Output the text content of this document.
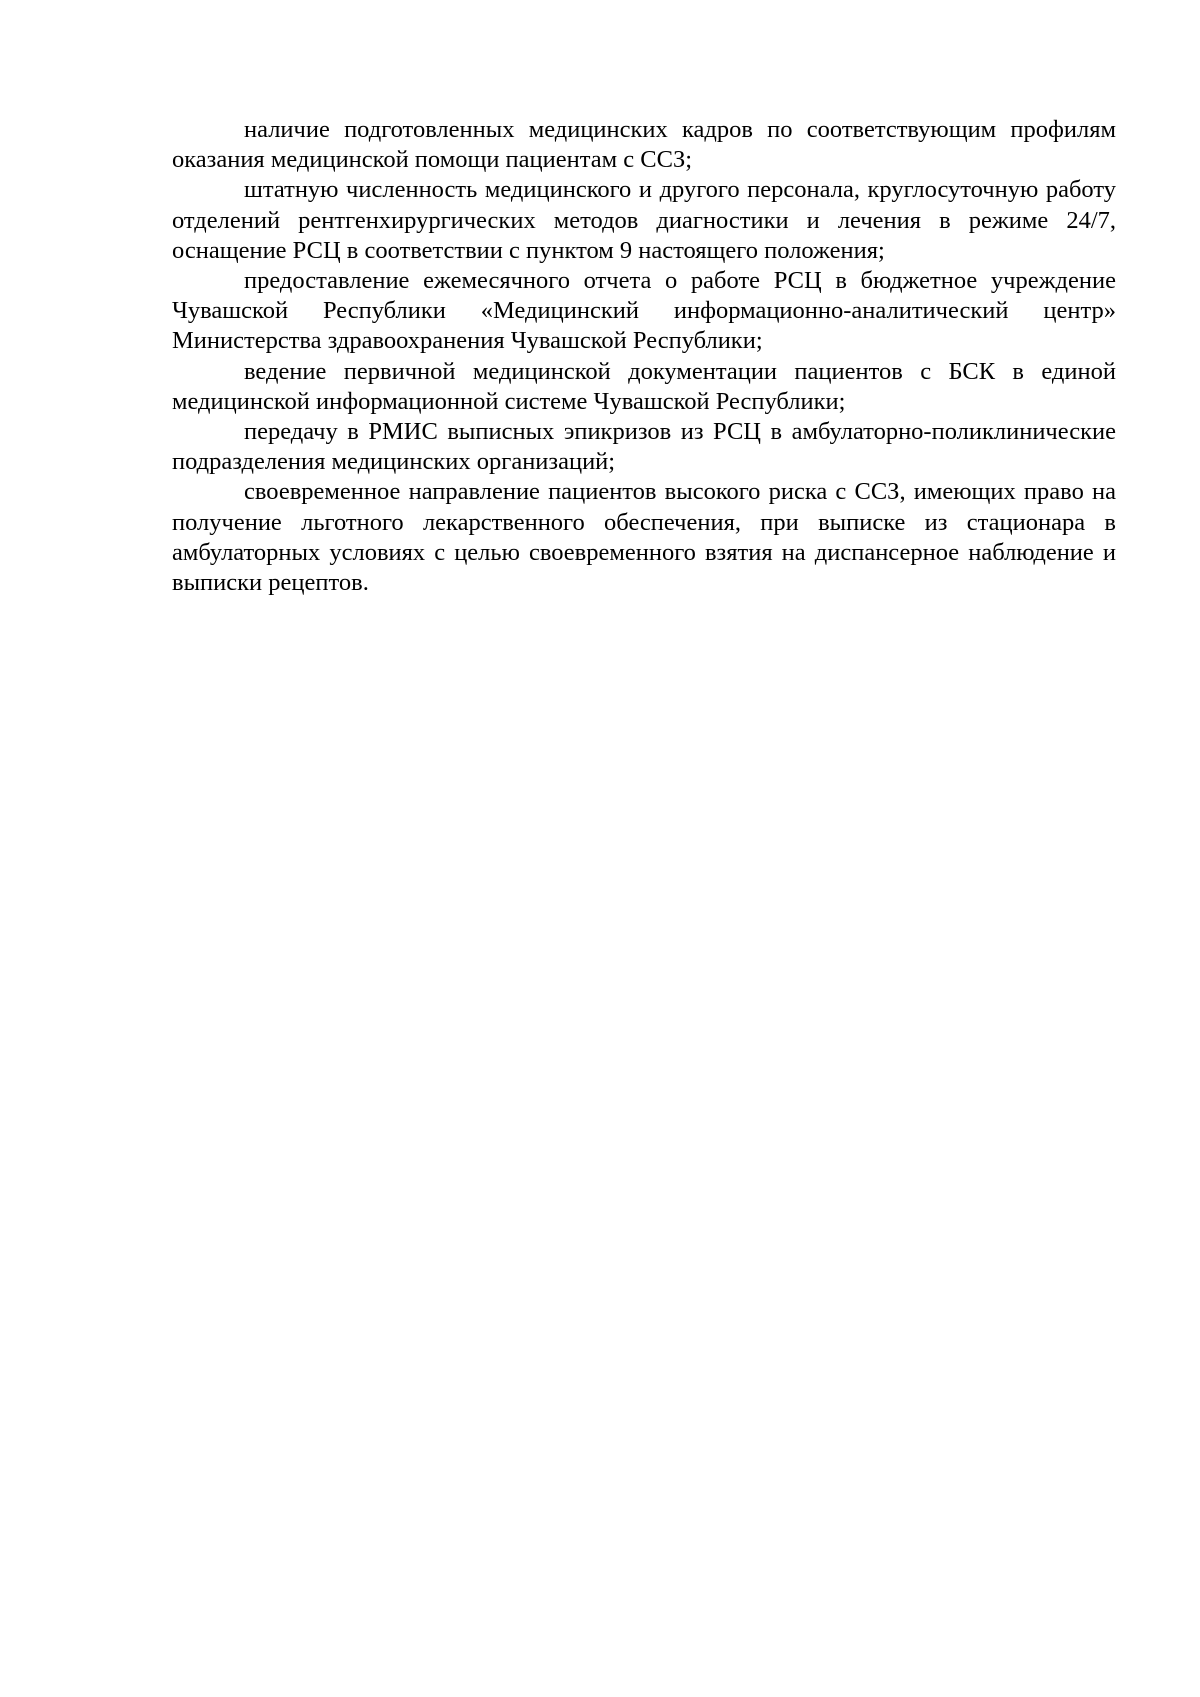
наличие подготовленных медицинских кадров по соответствующим профилям оказания медицинской помощи пациентам с ССЗ;

штатную численность медицинского и другого персонала, круглосуточную работу отделений рентгенхирургических методов диагностики и лечения в режиме 24/7, оснащение РСЦ в соответствии с пунктом 9 настоящего положения;

предоставление ежемесячного отчета о работе РСЦ в бюджетное учреждение Чувашской Республики «Медицинский информационно-аналитический центр» Министерства здравоохранения Чувашской Республики;

ведение первичной медицинской документации пациентов с БСК в единой медицинской информационной системе Чувашской Республики;

передачу в РМИС выписных эпикризов из РСЦ в амбулаторно-поликлинические подразделения медицинских организаций;

своевременное направление пациентов высокого риска с ССЗ, имеющих право на получение льготного лекарственного обеспечения, при выписке из стационара в амбулаторных условиях с целью своевременного взятия на диспансерное наблюдение и выписки рецептов.
